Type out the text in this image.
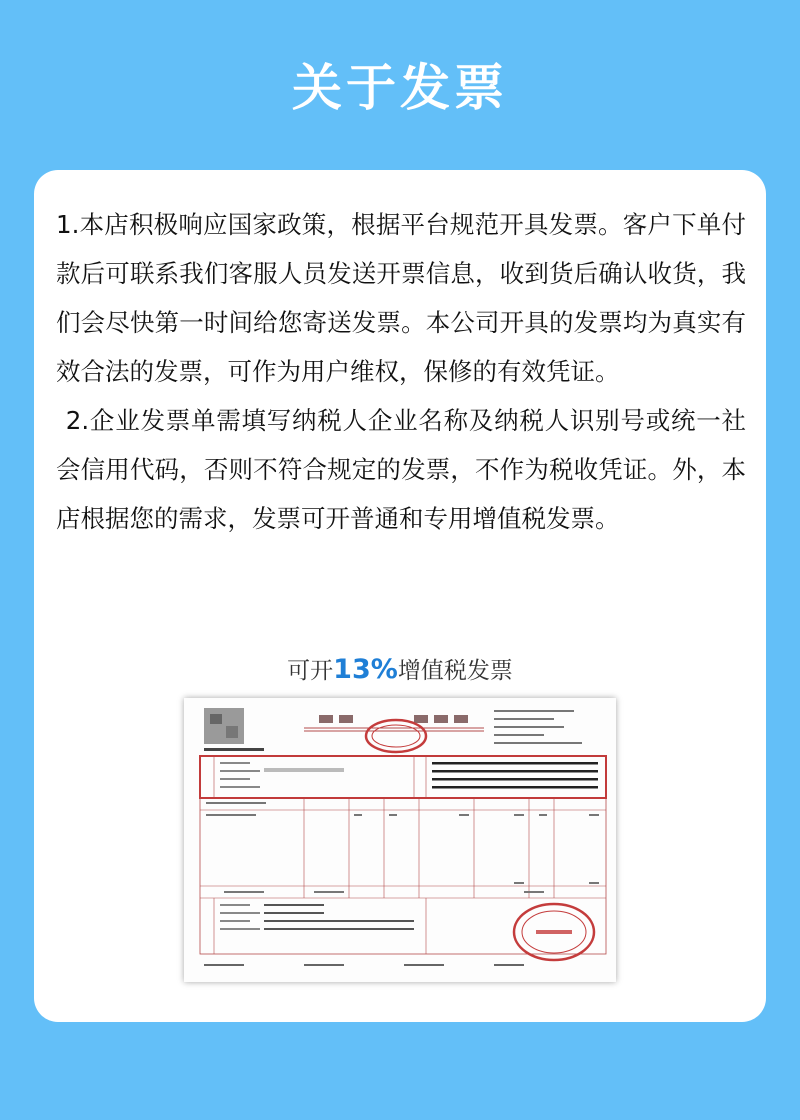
关于发票

1.本店积极响应国家政策，根据平台规范开具发票。客户下单付款后可联系我们客服人员发送开票信息，收到货后确认收货，我们会尽快第一时间给您寄送发票。本公司开具的发票均为真实有效合法的发票，可作为用户维权，保修的有效凭证。

2.企业发票单需填写纳税人企业名称及纳税人识别号或统一社会信用代码，否则不符合规定的发票，不作为税收凭证。外，本店根据您的需求，发票可开普通和专用增值税发票。

可开13%增值税发票
